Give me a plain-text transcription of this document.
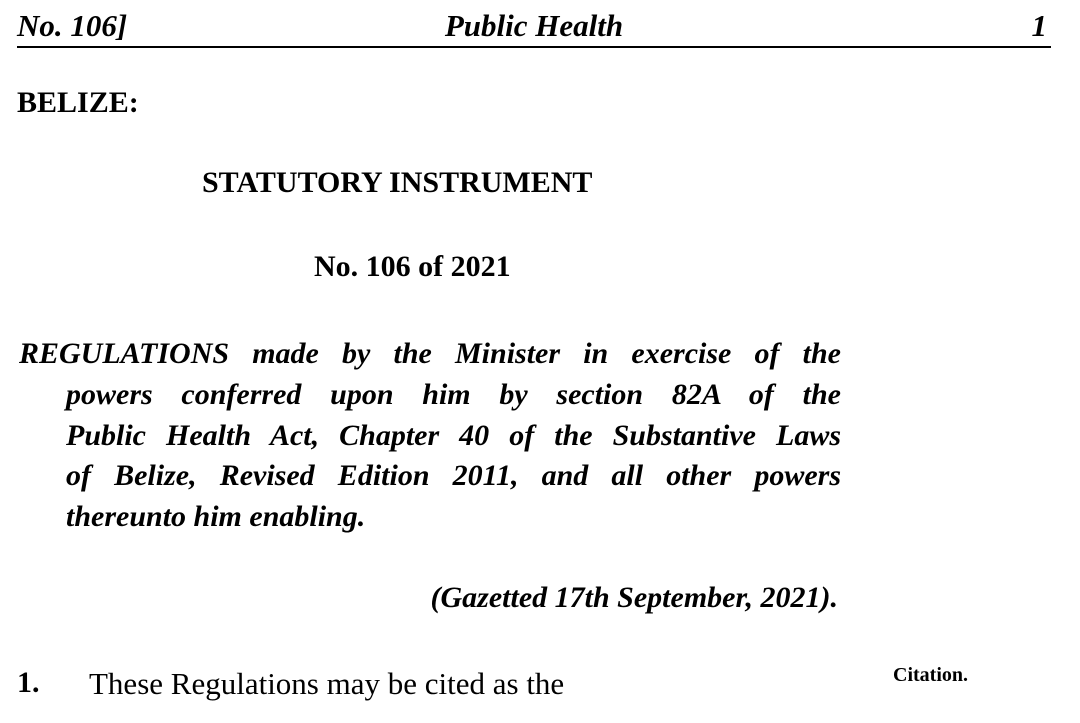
No. 106]	Public Health	1
BELIZE:
STATUTORY INSTRUMENT
No. 106 of 2021
REGULATIONS made by the Minister in exercise of the
powers conferred upon him by section 82A of the
Public Health Act, Chapter 40 of the Substantive Laws
of Belize, Revised Edition 2011, and all other powers
thereunto him enabling.
(Gazetted 17th September, 2021).
1. These Regulations may be cited as the	Citation.
